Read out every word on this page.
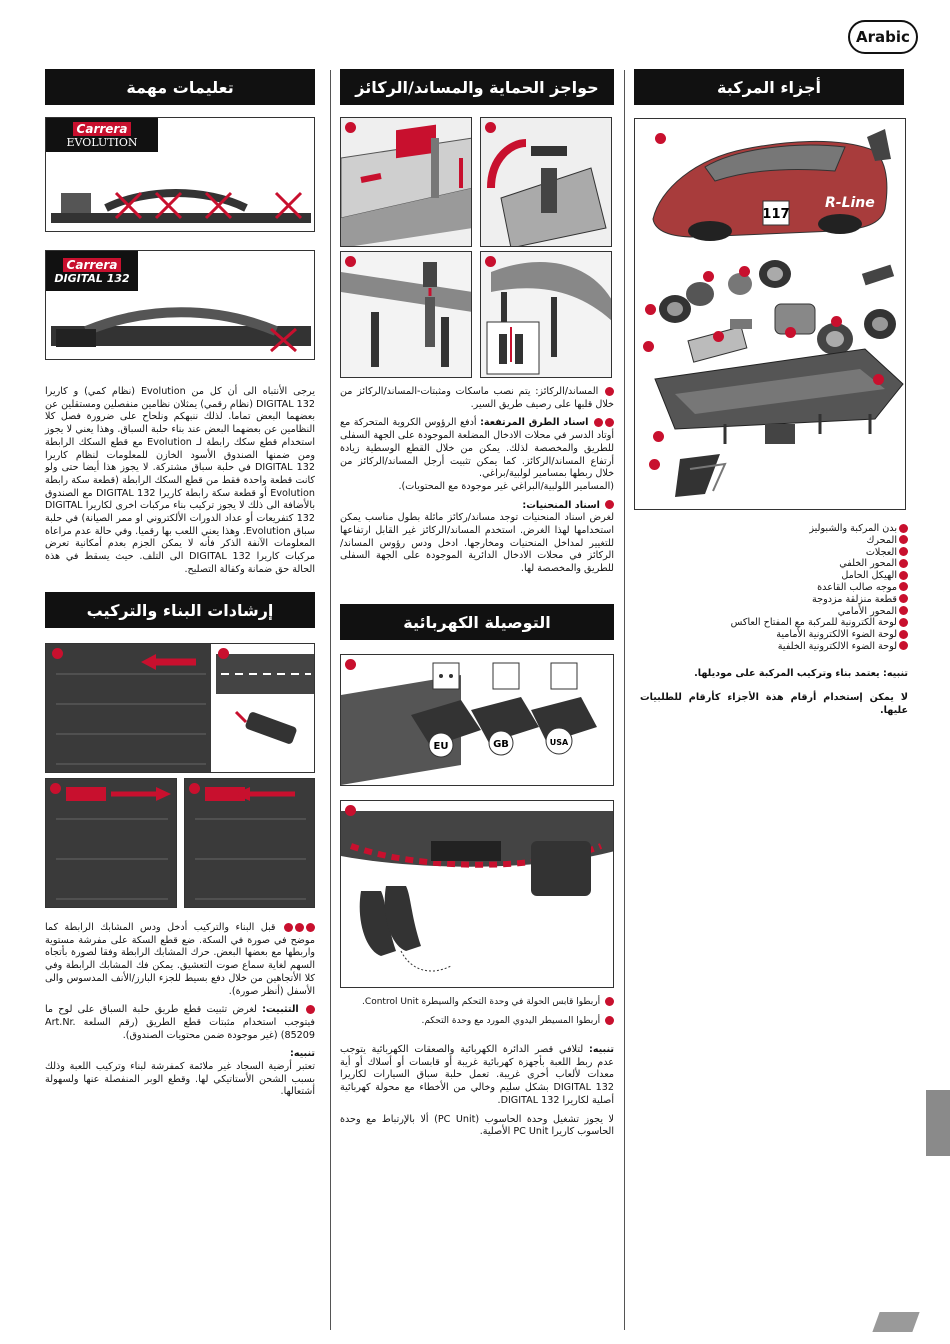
Arabic
أجزاء المركبة
117
R-Line
بدن المركبة والشبوليز
المحرك
العجلات
المحور الخلفي
الهيكل الحامل
موجه صالب القاعدة
قطعة منزلقة مزدوجة
المحور الأمامي
لوحة الكترونية للمركبة مع المفتاح العاكس
لوحة الضوء الالكترونية الأمامية
لوحة الضوء الالكترونية الخلفية
تنبيه: يعتمد بناء وتركيب المركبة على موديلها.
لا يمكن إستخدام أرقام هذة الأجزاء كأرقام للطلبيات عليها.
حواجز الحماية والمساند/الركائز

المساند/الركائز: يتم نصب ماسكات ومثبتات-المساند/الركائز من خلال قلبها على رصيف طريق السير.

اسناد الطرق المرتفعة: أدفع الرؤوس الكروية المتحركة مع أوتاد الدسر في محلات الادخال المضلعة الموجودة على الجهة السفلى للطريق والمخصصة لذلك. يمكن من خلال القطع الوسطية زيادة أرتفاع المساند/الركائز. كما يمكن تثبيت أرجل المساند/الركائز من خلال ربطها بمسامير لولبية/براغي.
(المسامير اللولبية/البراغي غير موجودة مع المحتويات).

اسناد المنحنيات:
لغرض اسناد المنحنيات توجد مساند/ركائز مائلة بطول مناسب يمكن استخدامها لهذا الغرض. استخدم المساند/الركائز غير القابل ارتفاعها للتغيير لمداخل المنحنيات ومخارجها. ادخل ودس رؤوس المساند/الركائز في محلات الادخال الدائرية الموجودة على الجهة السفلى للطريق والمخصصة لها.

التوصيلة الكهربائية
EU	GB	USA

أربطوا قابس الحولة في وحدة التحكم والسيطرة Control Unit.

أربطوا المسيطر اليدوي المورد مع وحدة التحكم.

تنبيه: لتلافي قصر الدائرة الكهربائية والصعقات الكهربائية يتوجب عدم ربط اللعبة بأجهزة كهربائية غريبة أو قابسات أو أسلاك أو أية معدات لألعاب أخرى غريبة. تعمل حلبة سباق السيارات لكاريرا DIGITAL 132 بشكل سليم وخالي من الأخطاء مع محولة كهربائية أصلية لكاريرا DIGITAL 132.

لا يجوز تشغيل وحدة الحاسوب (PC Unit) ألا بالإرتباط مع وحدة الحاسوب كاريرا PC Unit الأصلية.

تعليمات مهمة
Carrera
EVOLUTION
Carrera
DIGITAL 132

يرجى الأنتباه الى أن كل من Evolution (نظام كمي) و كاريرا DIGITAL 132 (نظام رقمي) يمثلان نظامين منفصلين ومستقلين عن بعضهما البعض تماما. لذلك ننبهكم ونلحاح على ضرورة فصل كلا النظامين عن بعضهما البعض عند بناء حلبة السباق. وهذا يعني لا يجوز استخدام قطع سكك رابطة لـ Evolution مع قطع السكك الرابطة ومن ضمنها الصندوق الأسود الخازن للمعلومات لنظام كاريرا DIGITAL 132 في حلبة سباق مشتركة. لا يجوز هذا أيضا حتى ولو كانت قطعة واحدة فقط من قطع السكك الرابطة (قطعة سكة رابطة Evolution أو قطعة سكة رابطة كاريرا DIGITAL 132 مع الصندوق بالأضافة الى ذلك لا يجوز تركيب بناء مركبات اخرى لكاريرا DIGITAL 132 كتفريعات أو عداد الدورات الألكتروني او ممر الصيانة) في حلبة سباق Evolution. وهذا يعني اللعب بها رقميا. وفي حالة عدم مراعاة المعلومات الآنفة الذكر فأنه لا يمكن الجزم بعدم أمكانية تعرض مركبات كاريرا DIGITAL 132 الى التلف. حيث يسقط في هذة الحالة حق ضمانة وكفالة التصليح.

إرشادات البناء والتركيب

قبل البناء والتركيب أدخل ودس المشابك الرابطة كما موضح في صورة في السكة. ضع قطع السكة على مفرشة مستوية واربطها مع بعضها البعض. حرك المشابك الرابطة وفقا لصورة بأتجاه السهم لغاية سماع صوت التعشيق. يمكن فك المشابك الرابطة وفي كلا الأتجاهين من خلال دفع بسيط للجزء البارز/الأنف المدسوس والى الأسفل (أنظر صورة).

التثبيت: لغرض تثبيت قطع طريق حلبة السباق على لوح ما فيتوجب استخدام مثبتات قطع الطريق (رقم السلعة Art.Nr. 85209) (غير موجودة ضمن محتويات الصندوق).

تنبيه:
تعتبر أرضية السجاد غير ملائمة كمفرشة لبناء وتركيب اللعبة وذلك بسبب الشحن الأستاتيكي لها. وقطع الوبر المنفصلة عنها ولسهولة أشتعالها.
